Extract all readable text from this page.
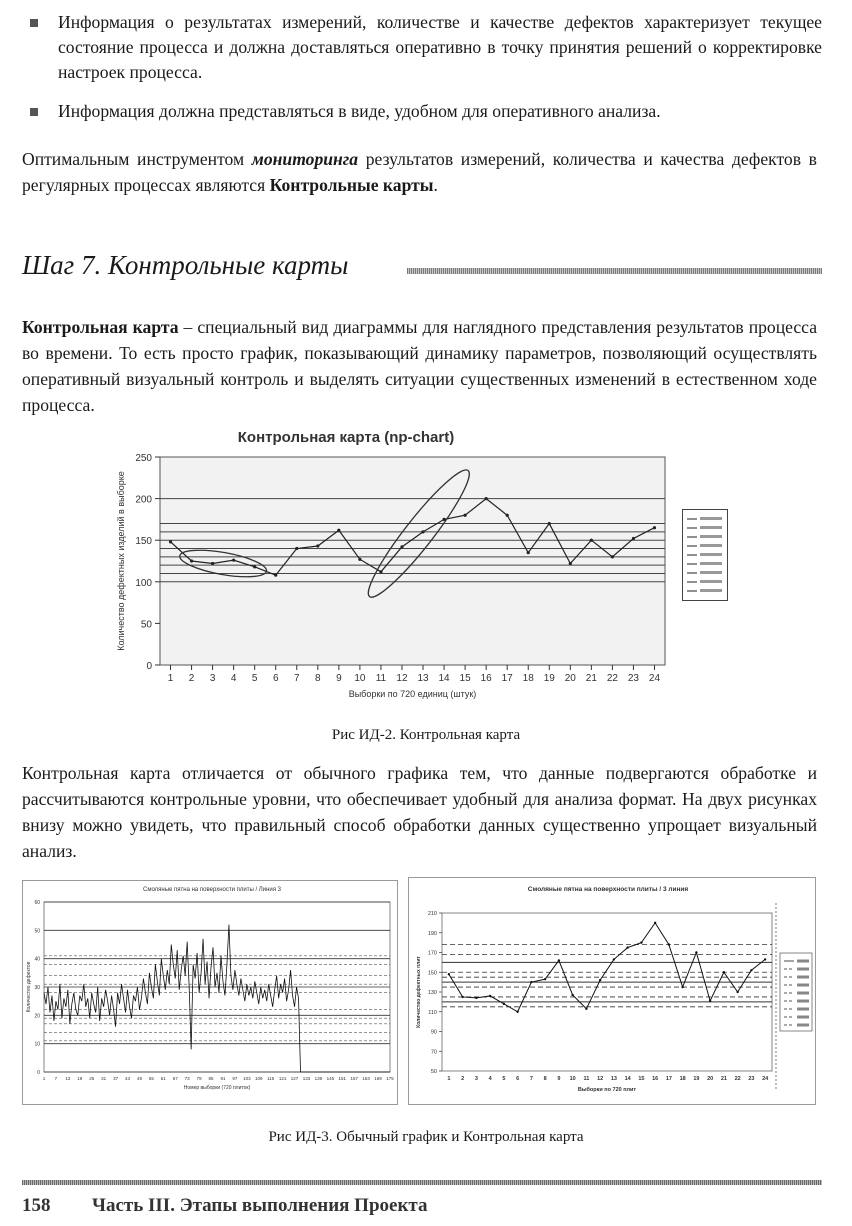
Информация о результатах измерений, количестве и качестве дефектов характеризует текущее состояние процесса и должна доставляться оперативно в точку принятия решений о корректировке настроек процесса.
Информация должна представляться в виде, удобном для оперативного анализа.
Оптимальным инструментом мониторинга результатов измерений, количества и качества дефектов в регулярных процессах являются Контрольные карты.
Шаг 7. Контрольные карты
Контрольная карта – специальный вид диаграммы для наглядного представления результатов процесса во времени. То есть просто график, показывающий динамику параметров, позволяющий осуществлять оперативный визуальный контроль и выделять ситуации существенных изменений в естественном ходе процесса.
Контрольная карта (np-chart)
0
50
100
150
200
250
1 2 3 4 5 6 7 8 9 10 11 12 13 14 15 16 17 18 19 20 21 22 23 24
Выборки по 720 единиц (штук)
Количество дефектных изделий в выборке
Рис ИД-2. Контрольная карта
Контрольная карта отличается от обычного графика тем, что данные подвергаются обработке и рассчитываются контрольные уровни, что обеспечивает удобный для анализа формат. На двух рисунках внизу можно увидеть, что правильный способ обработки данных существенно упрощает визуальный анализ.
Смоляные пятна на поверхности плиты / Линия 3
0
10
20
30
40
50
60
1 7 13 19 25 31 37 43 49 55 61 67 73 79 85 91 97 103 109 115 121 127 133 139 145 151 157 163 169 175
Номер выборки (720 плиток)
Количество дефектов
Смоляные пятна на поверхности плиты / 3 линия
50
70
90
110
130
150
170
190
210
1 2 3 4 5 6 7 8 9 10 11 12 13 14 15 16 17 18 19 20 21 22 23 24
Выборки по 720 плит
Количество дефектных плит
Рис ИД-3. Обычный график и Контрольная карта
158 Часть III. Этапы выполнения Проекта
